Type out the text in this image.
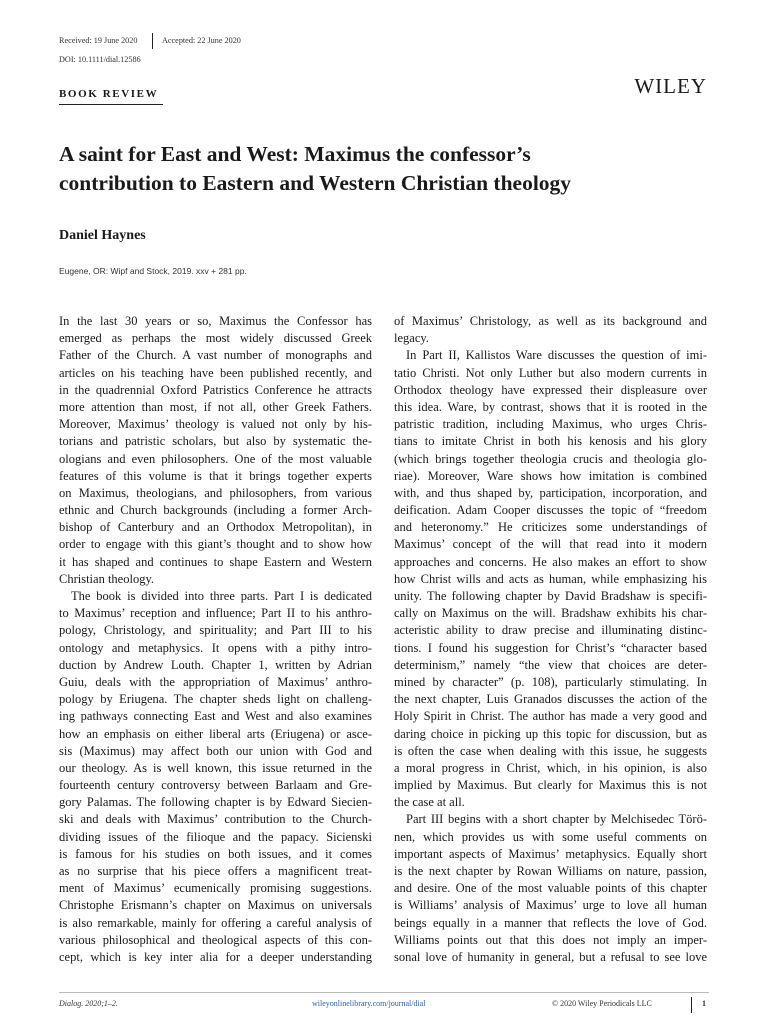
Received: 19 June 2020	Accepted: 22 June 2020
DOI: 10.1111/dial.12586
BOOK REVIEW	WILEY
A saint for East and West: Maximus the confessor’s
contribution to Eastern and Western Christian theology
Daniel Haynes
Eugene, OR: Wipf and Stock, 2019. xxv + 281 pp.
In the last 30 years or so, Maximus the Confessor has
emerged as perhaps the most widely discussed Greek
Father of the Church. A vast number of monographs and
articles on his teaching have been published recently, and
in the quadrennial Oxford Patristics Conference he attracts
more attention than most, if not all, other Greek Fathers.
Moreover, Maximus’ theology is valued not only by his-
torians and patristic scholars, but also by systematic the-
ologians and even philosophers. One of the most valuable
features of this volume is that it brings together experts
on Maximus, theologians, and philosophers, from various
ethnic and Church backgrounds (including a former Arch-
bishop of Canterbury and an Orthodox Metropolitan), in
order to engage with this giant’s thought and to show how
it has shaped and continues to shape Eastern and Western
Christian theology.
The book is divided into three parts. Part I is dedicated
to Maximus’ reception and influence; Part II to his anthro-
pology, Christology, and spirituality; and Part III to his
ontology and metaphysics. It opens with a pithy intro-
duction by Andrew Louth. Chapter 1, written by Adrian
Guiu, deals with the appropriation of Maximus’ anthro-
pology by Eriugena. The chapter sheds light on challeng-
ing pathways connecting East and West and also examines
how an emphasis on either liberal arts (Eriugena) or asce-
sis (Maximus) may affect both our union with God and
our theology. As is well known, this issue returned in the
fourteenth century controversy between Barlaam and Gre-
gory Palamas. The following chapter is by Edward Siecien-
ski and deals with Maximus’ contribution to the Church-
dividing issues of the filioque and the papacy. Sicienski
is famous for his studies on both issues, and it comes
as no surprise that his piece offers a magnificent treat-
ment of Maximus’ ecumenically promising suggestions.
Christophe Erismann’s chapter on Maximus on universals
is also remarkable, mainly for offering a careful analysis of
various philosophical and theological aspects of this con-
cept, which is key inter alia for a deeper understanding
of Maximus’ Christology, as well as its background and
legacy.
In Part II, Kallistos Ware discusses the question of imi-
tatio Christi. Not only Luther but also modern currents in
Orthodox theology have expressed their displeasure over
this idea. Ware, by contrast, shows that it is rooted in the
patristic tradition, including Maximus, who urges Chris-
tians to imitate Christ in both his kenosis and his glory
(which brings together theologia crucis and theologia glo-
riae). Moreover, Ware shows how imitation is combined
with, and thus shaped by, participation, incorporation, and
deification. Adam Cooper discusses the topic of “freedom
and heteronomy.” He criticizes some understandings of
Maximus’ concept of the will that read into it modern
approaches and concerns. He also makes an effort to show
how Christ wills and acts as human, while emphasizing his
unity. The following chapter by David Bradshaw is specifi-
cally on Maximus on the will. Bradshaw exhibits his char-
acteristic ability to draw precise and illuminating distinc-
tions. I found his suggestion for Christ’s “character based
determinism,” namely “the view that choices are deter-
mined by character” (p. 108), particularly stimulating. In
the next chapter, Luis Granados discusses the action of the
Holy Spirit in Christ. The author has made a very good and
daring choice in picking up this topic for discussion, but as
is often the case when dealing with this issue, he suggests
a moral progress in Christ, which, in his opinion, is also
implied by Maximus. But clearly for Maximus this is not
the case at all.
Part III begins with a short chapter by Melchisedec Törö-
nen, which provides us with some useful comments on
important aspects of Maximus’ metaphysics. Equally short
is the next chapter by Rowan Williams on nature, passion,
and desire. One of the most valuable points of this chapter
is Williams’ analysis of Maximus’ urge to love all human
beings equally in a manner that reflects the love of God.
Williams points out that this does not imply an imper-
sonal love of humanity in general, but a refusal to see love
Dialog. 2020;1–2.	wileyonlinelibrary.com/journal/dial	© 2020 Wiley Periodicals LLC	1
